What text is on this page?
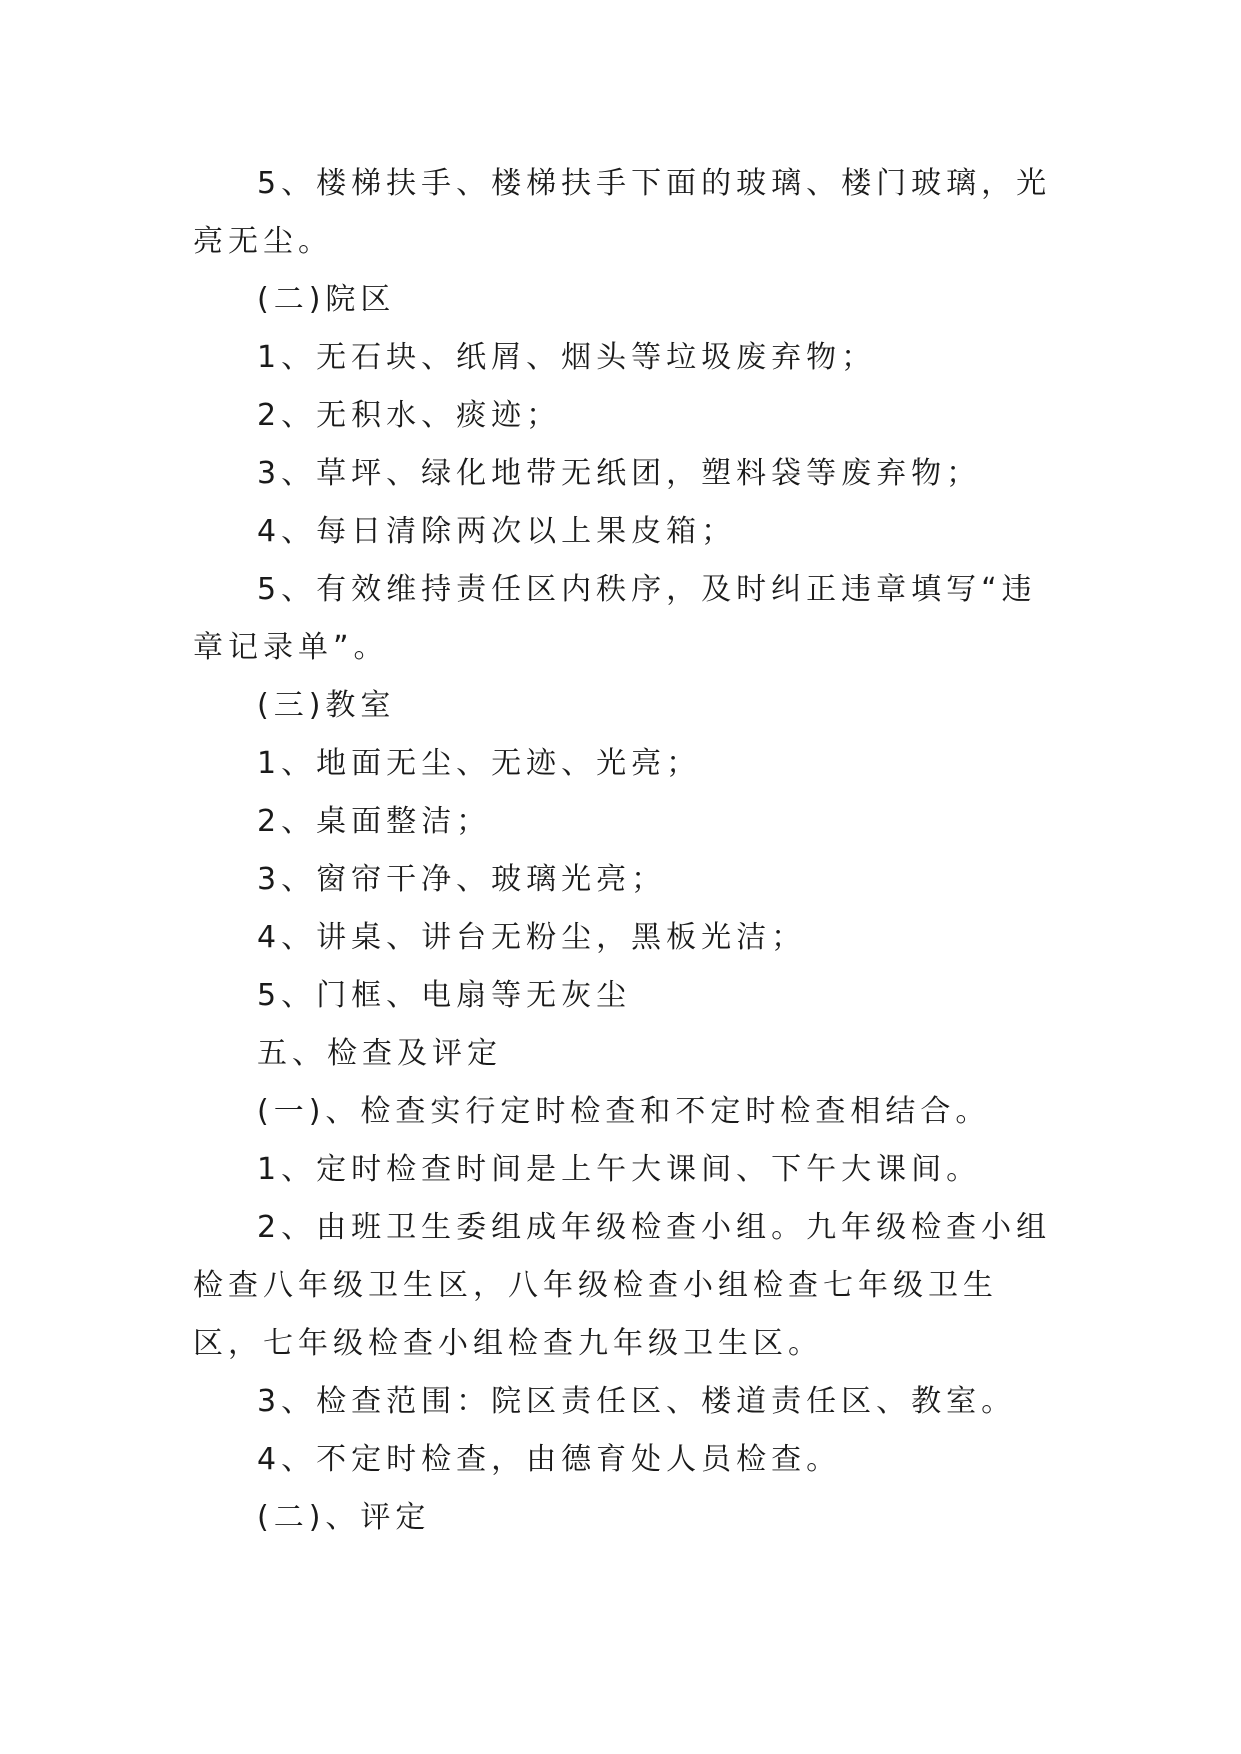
5、楼梯扶手、楼梯扶手下面的玻璃、楼门玻璃，光亮无尘。

(二)院区

1、无石块、纸屑、烟头等垃圾废弃物；

2、无积水、痰迹；

3、草坪、绿化地带无纸团，塑料袋等废弃物；

4、每日清除两次以上果皮箱；

5、有效维持责任区内秩序，及时纠正违章填写“违章记录单”。

(三)教室

1、地面无尘、无迹、光亮；

2、桌面整洁；

3、窗帘干净、玻璃光亮；

4、讲桌、讲台无粉尘，黑板光洁；

5、门框、电扇等无灰尘

五、检查及评定

(一)、检查实行定时检查和不定时检查相结合。

1、定时检查时间是上午大课间、下午大课间。

2、由班卫生委组成年级检查小组。九年级检查小组检查八年级卫生区，八年级检查小组检查七年级卫生区，七年级检查小组检查九年级卫生区。

3、检查范围：院区责任区、楼道责任区、教室。

4、不定时检查，由德育处人员检查。

(二)、评定
